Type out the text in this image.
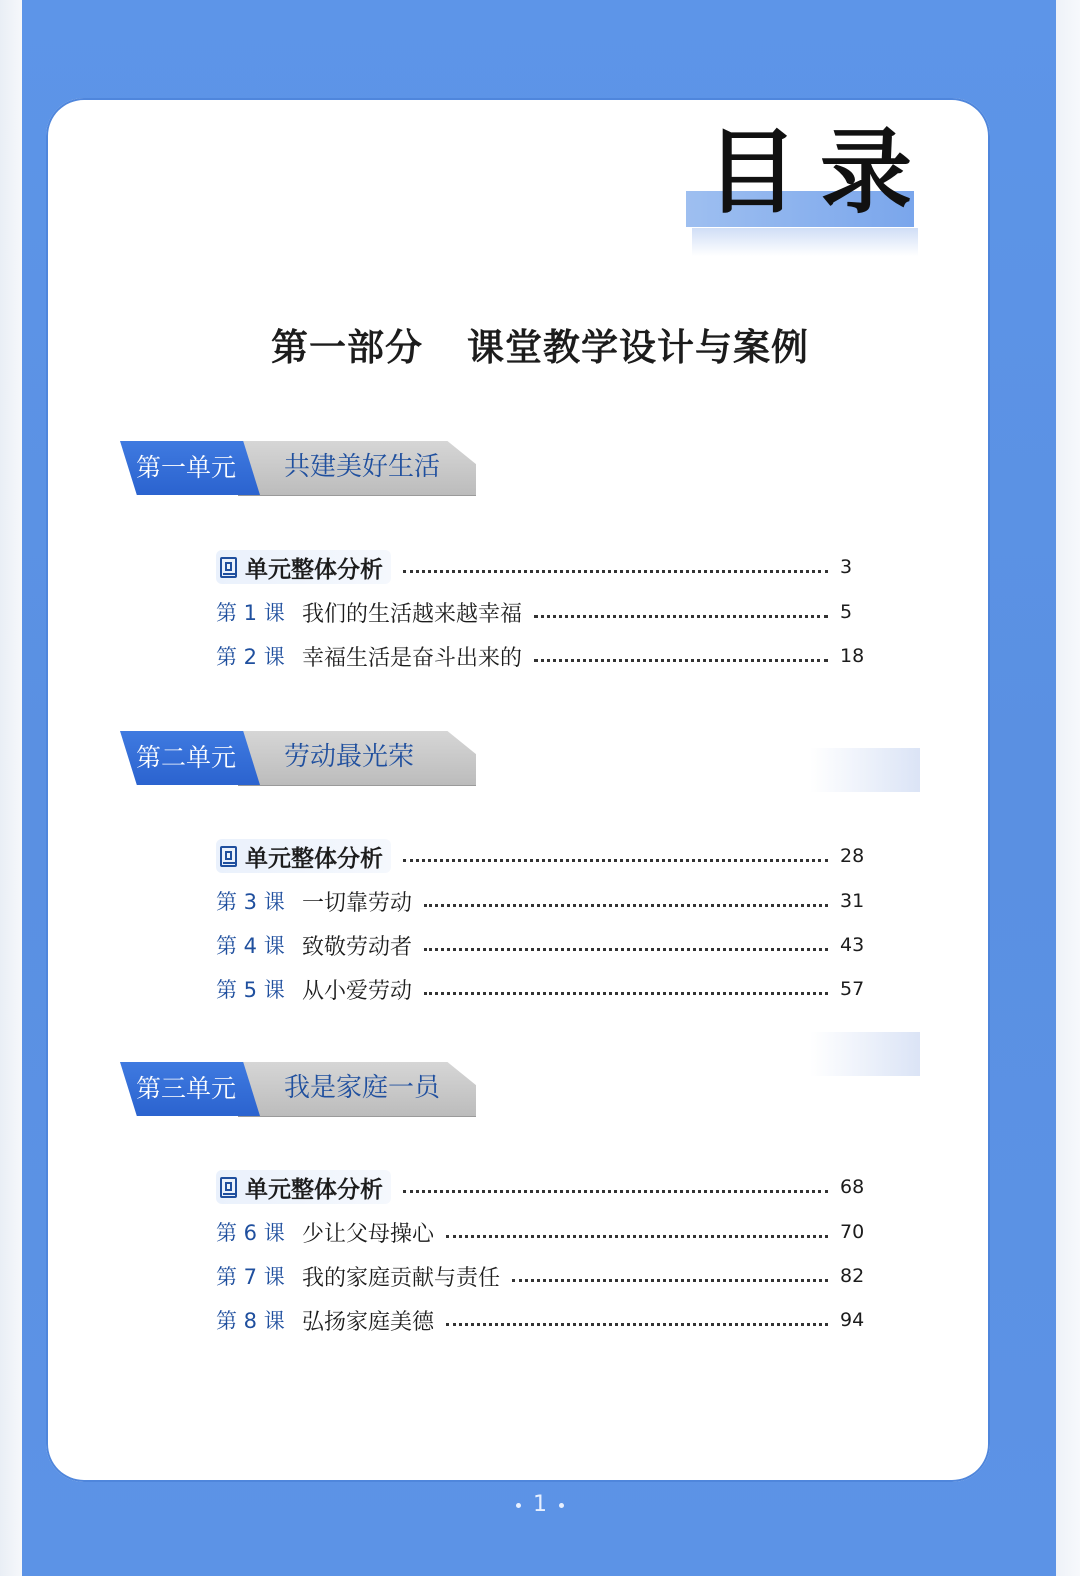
目录
第一部分 课堂教学设计与案例
第一单元 共建美好生活
单元整体分析	3
第 1 课 我们的生活越来越幸福	5
第 2 课 幸福生活是奋斗出来的	18
第二单元 劳动最光荣
单元整体分析	28
第 3 课 一切靠劳动	31
第 4 课 致敬劳动者	43
第 5 课 从小爱劳动	57
第三单元 我是家庭一员
单元整体分析	68
第 6 课 少让父母操心	70
第 7 课 我的家庭贡献与责任	82
第 8 课 弘扬家庭美德	94
1
